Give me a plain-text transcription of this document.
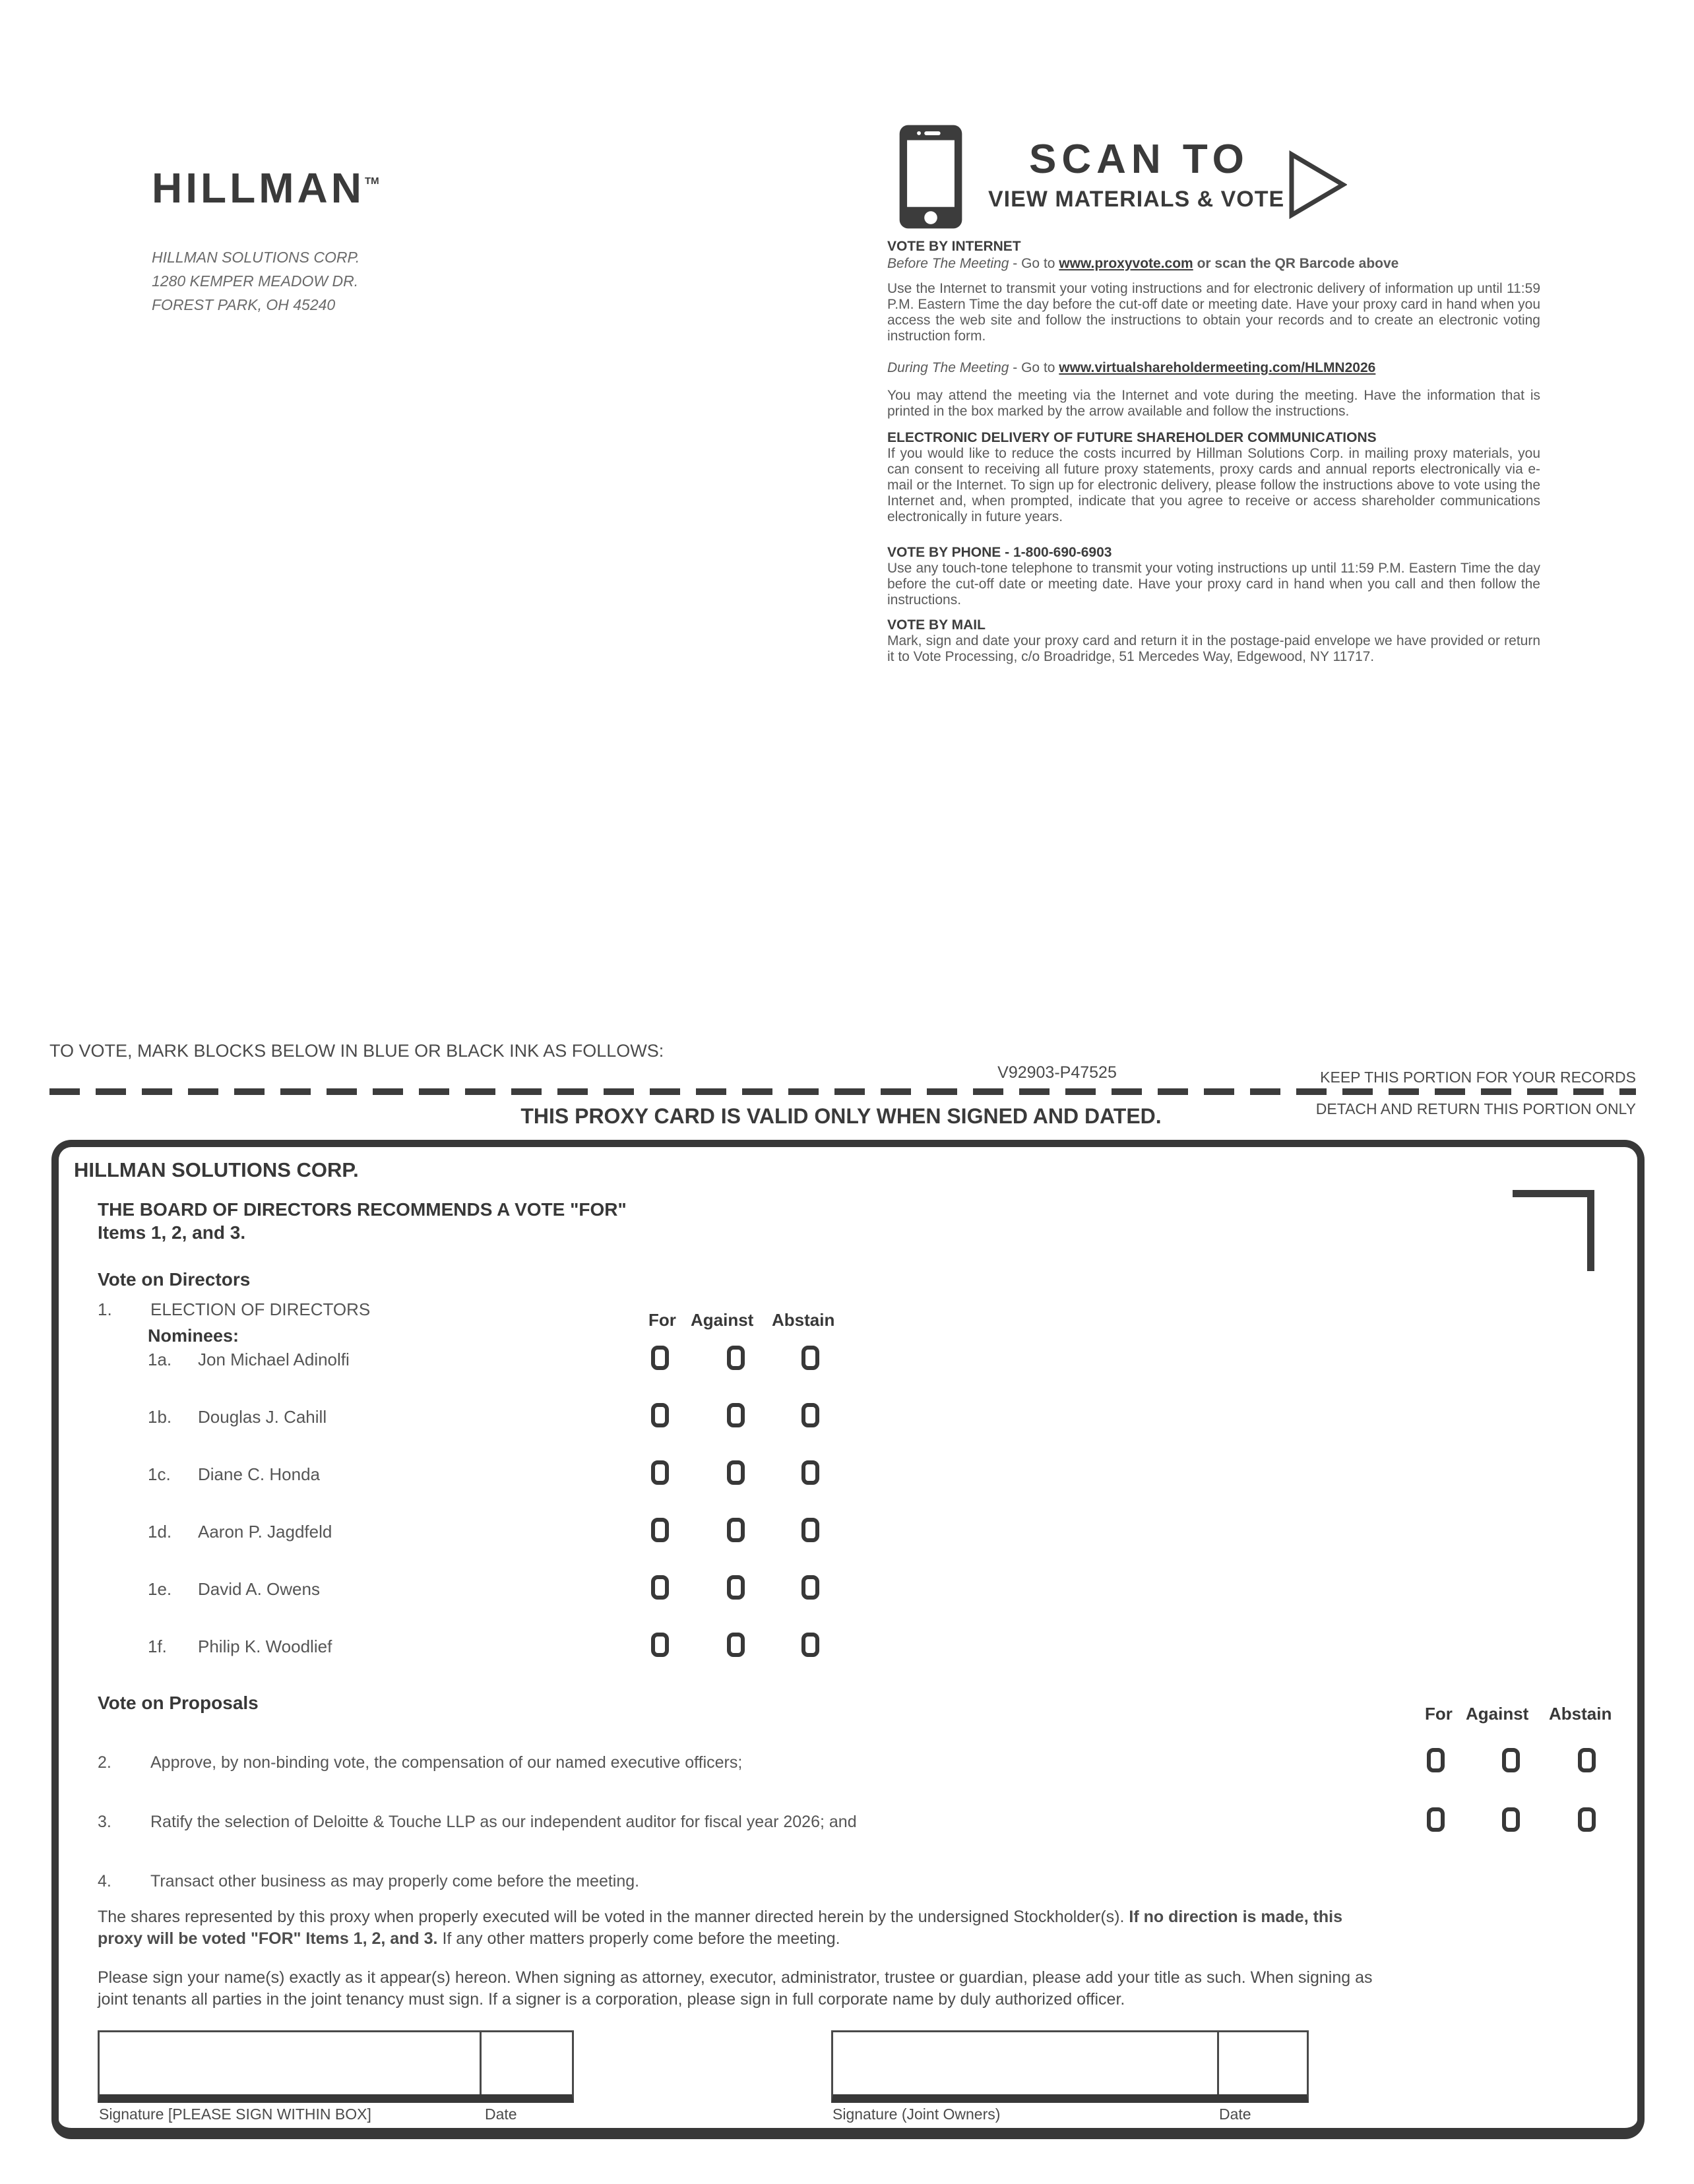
HILLMAN™
HILLMAN SOLUTIONS CORP.
1280 KEMPER MEADOW DR.
FOREST PARK, OH 45240
SCAN TO
VIEW MATERIALS & VOTE
VOTE BY INTERNET
Before The Meeting - Go to www.proxyvote.com or scan the QR Barcode above
Use the Internet to transmit your voting instructions and for electronic delivery of information up until 11:59 P.M. Eastern Time the day before the cut-off date or meeting date. Have your proxy card in hand when you access the web site and follow the instructions to obtain your records and to create an electronic voting instruction form.
During The Meeting - Go to www.virtualshareholdermeeting.com/HLMN2026
You may attend the meeting via the Internet and vote during the meeting. Have the information that is printed in the box marked by the arrow available and follow the instructions.
ELECTRONIC DELIVERY OF FUTURE SHAREHOLDER COMMUNICATIONS
If you would like to reduce the costs incurred by Hillman Solutions Corp. in mailing proxy materials, you can consent to receiving all future proxy statements, proxy cards and annual reports electronically via e-mail or the Internet. To sign up for electronic delivery, please follow the instructions above to vote using the Internet and, when prompted, indicate that you agree to receive or access shareholder communications electronically in future years.
VOTE BY PHONE - 1-800-690-6903
Use any touch-tone telephone to transmit your voting instructions up until 11:59 P.M. Eastern Time the day before the cut-off date or meeting date. Have your proxy card in hand when you call and then follow the instructions.
VOTE BY MAIL
Mark, sign and date your proxy card and return it in the postage-paid envelope we have provided or return it to Vote Processing, c/o Broadridge, 51 Mercedes Way, Edgewood, NY 11717.
TO VOTE, MARK BLOCKS BELOW IN BLUE OR BLACK INK AS FOLLOWS:
V92903-P47525	KEEP THIS PORTION FOR YOUR RECORDS
THIS PROXY CARD IS VALID ONLY WHEN SIGNED AND DATED.	DETACH AND RETURN THIS PORTION ONLY
HILLMAN SOLUTIONS CORP.
THE BOARD OF DIRECTORS RECOMMENDS A VOTE "FOR"
Items 1, 2, and 3.
Vote on Directors
1. ELECTION OF DIRECTORS
For Against Abstain
Nominees:
1a. Jon Michael Adinolfi
1b. Douglas J. Cahill
1c. Diane C. Honda
1d. Aaron P. Jagdfeld
1e. David A. Owens
1f. Philip K. Woodlief
Vote on Proposals
For Against Abstain
2. Approve, by non-binding vote, the compensation of our named executive officers;
3. Ratify the selection of Deloitte & Touche LLP as our independent auditor for fiscal year 2026; and
4. Transact other business as may properly come before the meeting.
The shares represented by this proxy when properly executed will be voted in the manner directed herein by the undersigned Stockholder(s). If no direction is made, this proxy will be voted "FOR" Items 1, 2, and 3. If any other matters properly come before the meeting.
Please sign your name(s) exactly as it appear(s) hereon. When signing as attorney, executor, administrator, trustee or guardian, please add your title as such. When signing as joint tenants all parties in the joint tenancy must sign. If a signer is a corporation, please sign in full corporate name by duly authorized officer.
Signature [PLEASE SIGN WITHIN BOX]	Date	Signature (Joint Owners)	Date
